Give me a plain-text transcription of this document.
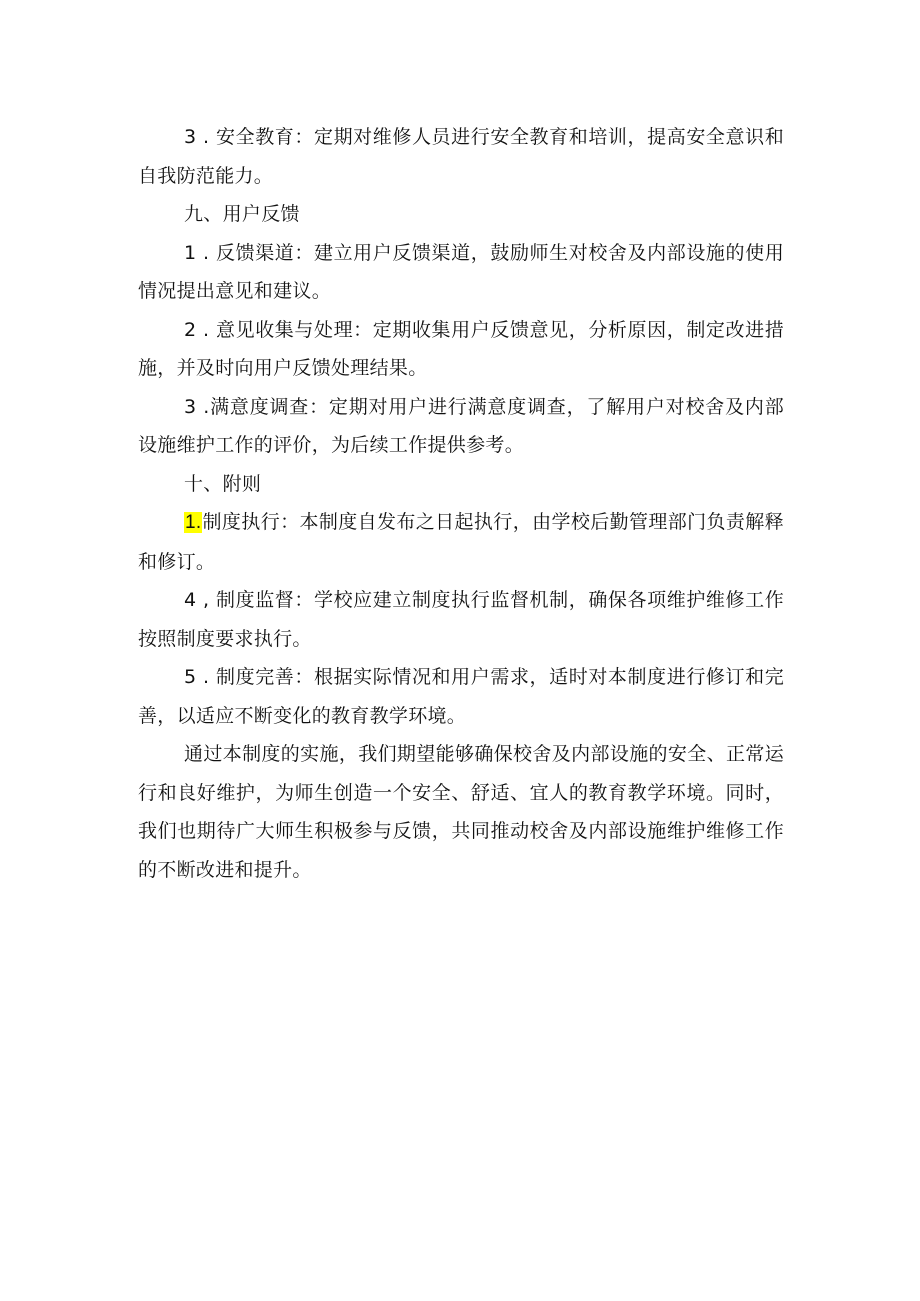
3 . 安全教育：定期对维修人员进行安全教育和培训，提高安全意识和自我防范能力。

九、用户反馈

1 . 反馈渠道：建立用户反馈渠道，鼓励师生对校舍及内部设施的使用情况提出意见和建议。

2 . 意见收集与处理：定期收集用户反馈意见，分析原因，制定改进措施，并及时向用户反馈处理结果。

3 .满意度调查：定期对用户进行满意度调查，了解用户对校舍及内部设施维护工作的评价，为后续工作提供参考。

十、附则

1.制度执行：本制度自发布之日起执行，由学校后勤管理部门负责解释和修订。

4 , 制度监督：学校应建立制度执行监督机制，确保各项维护维修工作按照制度要求执行。

5 . 制度完善：根据实际情况和用户需求，适时对本制度进行修订和完善，以适应不断变化的教育教学环境。

通过本制度的实施，我们期望能够确保校舍及内部设施的安全、正常运行和良好维护，为师生创造一个安全、舒适、宜人的教育教学环境。同时，我们也期待广大师生积极参与反馈，共同推动校舍及内部设施维护维修工作的不断改进和提升。
